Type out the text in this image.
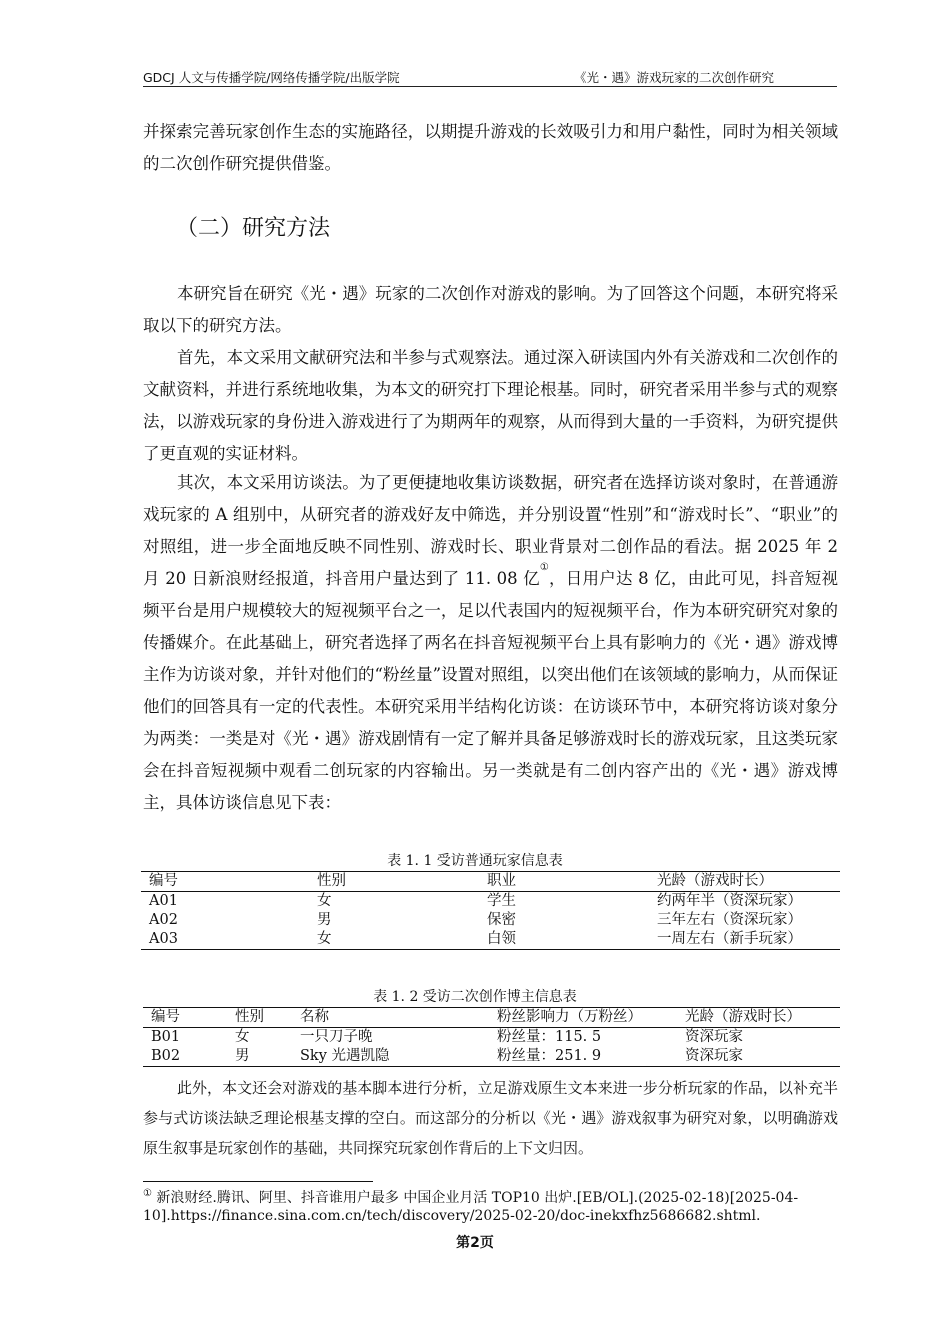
GDCJ 人文与传播学院/网络传播学院/出版学院	《光・遇》游戏玩家的二次创作研究
并探索完善玩家创作生态的实施路径，以期提升游戏的长效吸引力和用户黏性，同时为相关领域的二次创作研究提供借鉴。
（二）研究方法
本研究旨在研究《光・遇》玩家的二次创作对游戏的影响。为了回答这个问题，本研究将采取以下的研究方法。
首先，本文采用文献研究法和半参与式观察法。通过深入研读国内外有关游戏和二次创作的文献资料，并进行系统地收集，为本文的研究打下理论根基。同时，研究者采用半参与式的观察法，以游戏玩家的身份进入游戏进行了为期两年的观察，从而得到大量的一手资料，为研究提供了更直观的实证材料。
其次，本文采用访谈法。为了更便捷地收集访谈数据，研究者在选择访谈对象时，在普通游戏玩家的 A 组别中，从研究者的游戏好友中筛选，并分别设置“性别”和“游戏时长”、“职业”的对照组，进一步全面地反映不同性别、游戏时长、职业背景对二创作品的看法。据 2025 年 2 月 20 日新浪财经报道，抖音用户量达到了 11. 08 亿①，日用户达 8 亿，由此可见，抖音短视频平台是用户规模较大的短视频平台之一，足以代表国内的短视频平台，作为本研究研究对象的传播媒介。在此基础上，研究者选择了两名在抖音短视频平台上具有影响力的《光・遇》游戏博主作为访谈对象，并针对他们的“粉丝量”设置对照组，以突出他们在该领域的影响力，从而保证他们的回答具有一定的代表性。本研究采用半结构化访谈：在访谈环节中，本研究将访谈对象分为两类：一类是对《光・遇》游戏剧情有一定了解并具备足够游戏时长的游戏玩家，且这类玩家会在抖音短视频中观看二创玩家的内容输出。另一类就是有二创内容产出的《光・遇》游戏博主，具体访谈信息见下表：
表 1. 1 受访普通玩家信息表
编号	性别	职业	光龄（游戏时长）
A01	女	学生	约两年半（资深玩家）
A02	男	保密	三年左右（资深玩家）
A03	女	白领	一周左右（新手玩家）
表 1. 2 受访二次创作博主信息表
编号	性别	名称	粉丝影响力（万粉丝）	光龄（游戏时长）
B01	女	一只刀子晚	粉丝量：115. 5	资深玩家
B02	男	Sky 光遇凯隐	粉丝量：251. 9	资深玩家
此外，本文还会对游戏的基本脚本进行分析，立足游戏原生文本来进一步分析玩家的作品，以补充半参与式访谈法缺乏理论根基支撑的空白。而这部分的分析以《光・遇》游戏叙事为研究对象，以明确游戏原生叙事是玩家创作的基础，共同探究玩家创作背后的上下文归因。
① 新浪财经.腾讯、阿里、抖音谁用户最多 中国企业月活 TOP10 出炉.[EB/OL].(2025-02-18)[2025-04-10].https://finance.sina.com.cn/tech/discovery/2025-02-20/doc-inekxfhz5686682.shtml.
第2页
